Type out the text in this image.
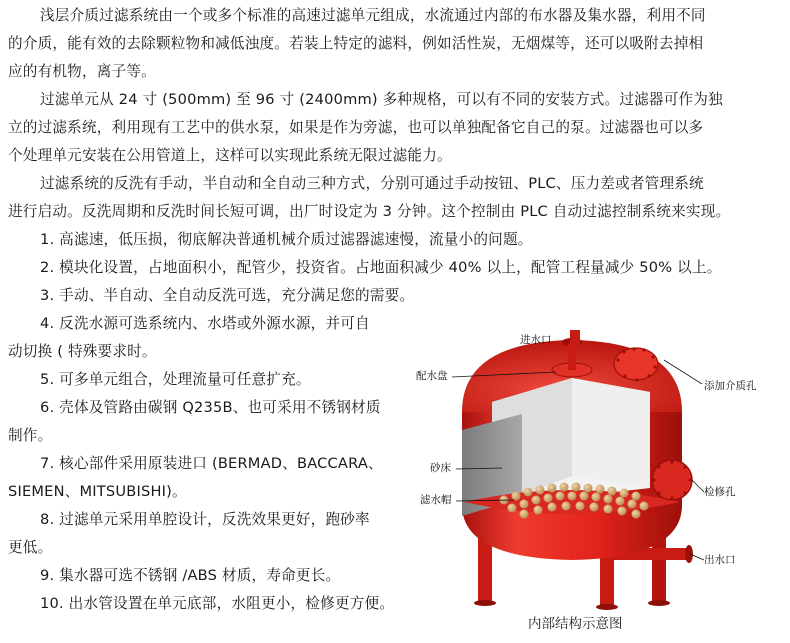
浅层介质过滤系统由一个或多个标准的高速过滤单元组成，水流通过内部的布水器及集水器，利用不同
的介质，能有效的去除颗粒物和减低浊度。若装上特定的滤料，例如活性炭，无烟煤等，还可以吸附去掉相
应的有机物，离子等。
过滤单元从 24 寸 (500mm) 至 96 寸 (2400mm) 多种规格，可以有不同的安装方式。过滤器可作为独
立的过滤系统，利用现有工艺中的供水泵，如果是作为旁滤，也可以单独配备它自己的泵。过滤器也可以多
个处理单元安装在公用管道上，这样可以实现此系统无限过滤能力。
过滤系统的反洗有手动，半自动和全自动三种方式，分别可通过手动按钮、PLC、压力差或者管理系统
进行启动。反洗周期和反洗时间长短可调，出厂时设定为 3 分钟。这个控制由 PLC 自动过滤控制系统来实现。
1. 高滤速，低压损，彻底解决普通机械介质过滤器滤速慢，流量小的问题。
2. 模块化设置，占地面积小，配管少，投资省。占地面积减少 40% 以上，配管工程量减少 50% 以上。
3. 手动、半自动、全自动反洗可选，充分满足您的需要。
4. 反洗水源可选系统内、水塔或外源水源，并可自
动切换 ( 特殊要求时。
5. 可多单元组合，处理流量可任意扩充。
6. 壳体及管路由碳钢 Q235B、也可采用不锈钢材质
制作。
7. 核心部件采用原装进口 (BERMAD、BACCARA、
SIEMEN、MITSUBISHI)。
8. 过滤单元采用单腔设计，反洗效果更好，跑砂率
更低。
9. 集水器可选不锈钢 /ABS 材质，寿命更长。
10. 出水管设置在单元底部，水阻更小，检修更方便。
进水口
配水盘
添加介质孔
砂床
滤水帽
检修孔
出水口
内部结构示意图
